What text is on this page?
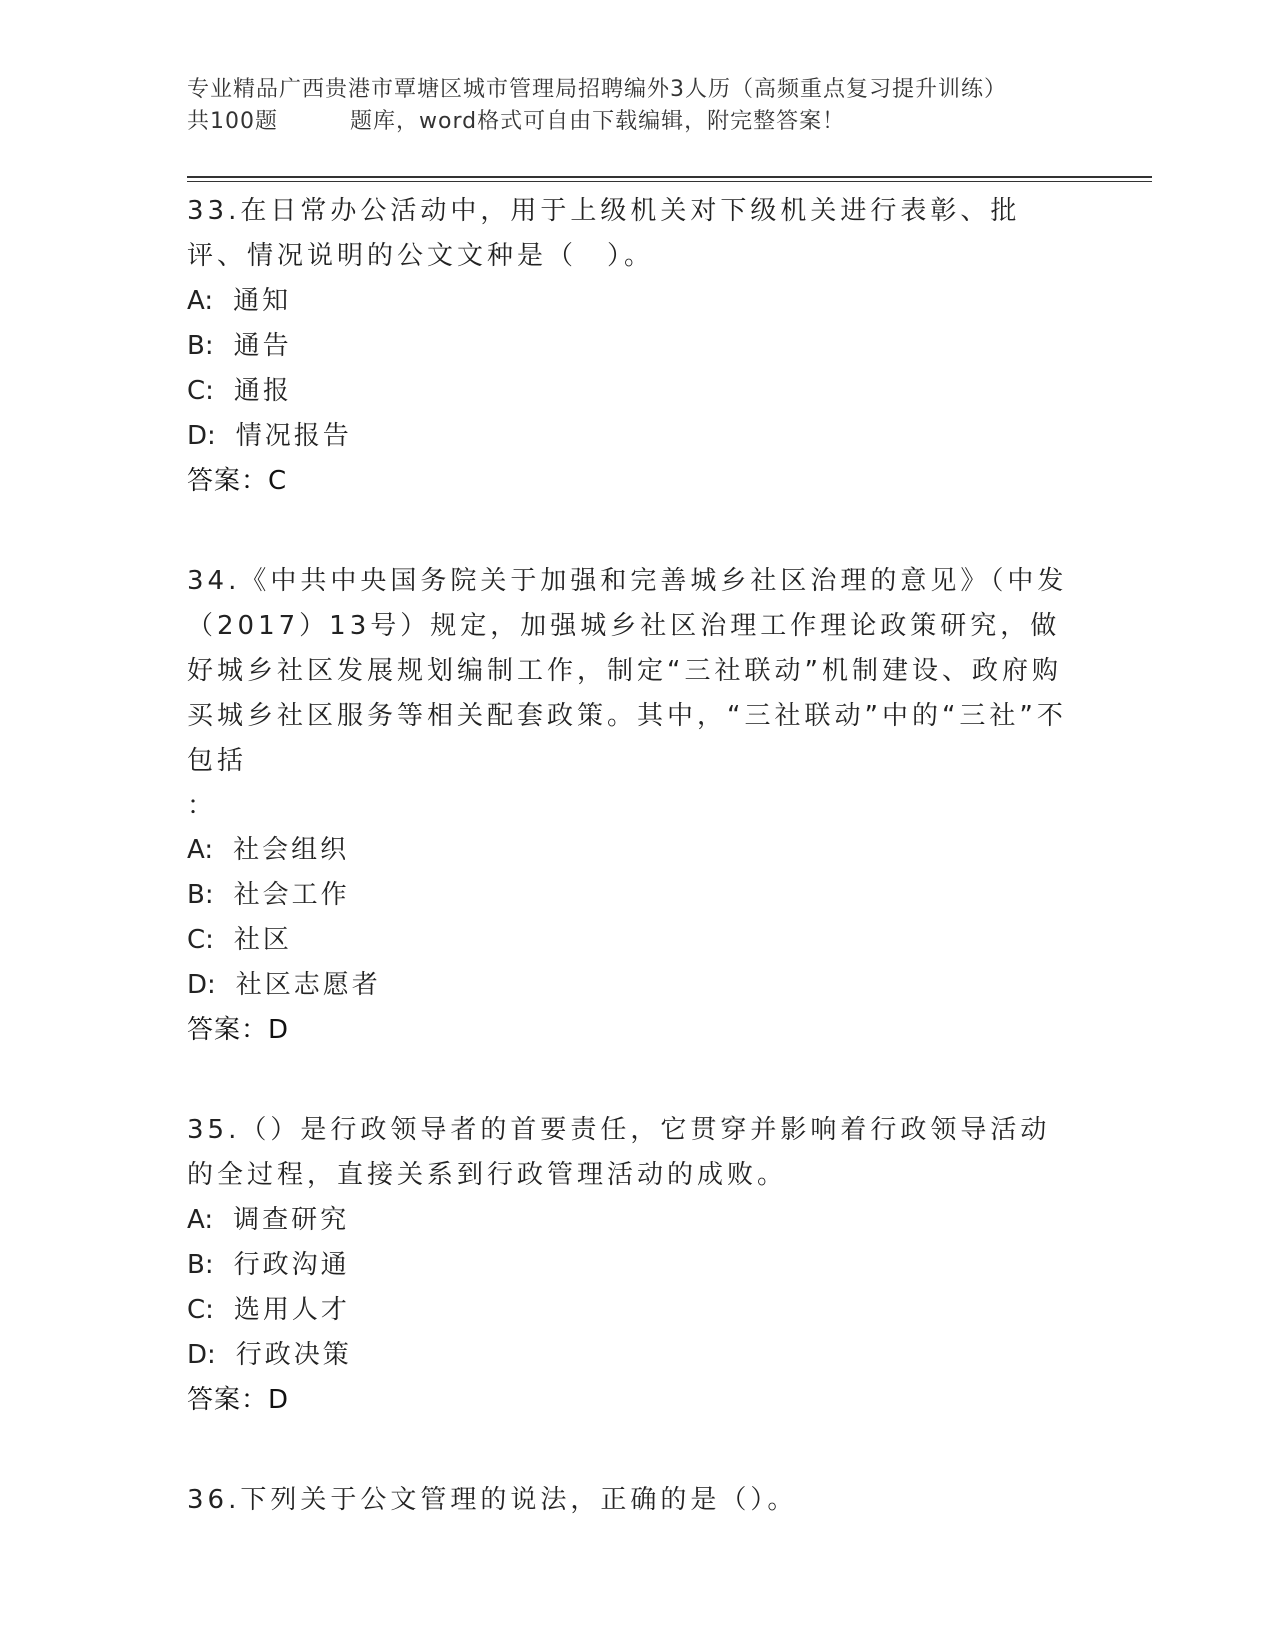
专业精品广西贵港市覃塘区城市管理局招聘编外3人历（高频重点复习提升训练）
共100题	题库，word格式可自由下载编辑，附完整答案！

33.在日常办公活动中，用于上级机关对下级机关进行表彰、批评、情况说明的公文文种是（　）。

A: 通知

B: 通告

C: 通报

D: 情况报告

答案：C

34.《中共中央国务院关于加强和完善城乡社区治理的意见》（中发（2017）13号）规定，加强城乡社区治理工作理论政策研究，做好城乡社区发展规划编制工作，制定“三社联动”机制建设、政府购买城乡社区服务等相关配套政策。其中，“三社联动”中的“三社”不包括

：

A: 社会组织

B: 社会工作

C: 社区

D: 社区志愿者

答案：D

35.（）是行政领导者的首要责任，它贯穿并影响着行政领导活动的全过程，直接关系到行政管理活动的成败。

A: 调查研究

B: 行政沟通

C: 选用人才

D: 行政决策

答案：D

36.下列关于公文管理的说法，正确的是（）。
